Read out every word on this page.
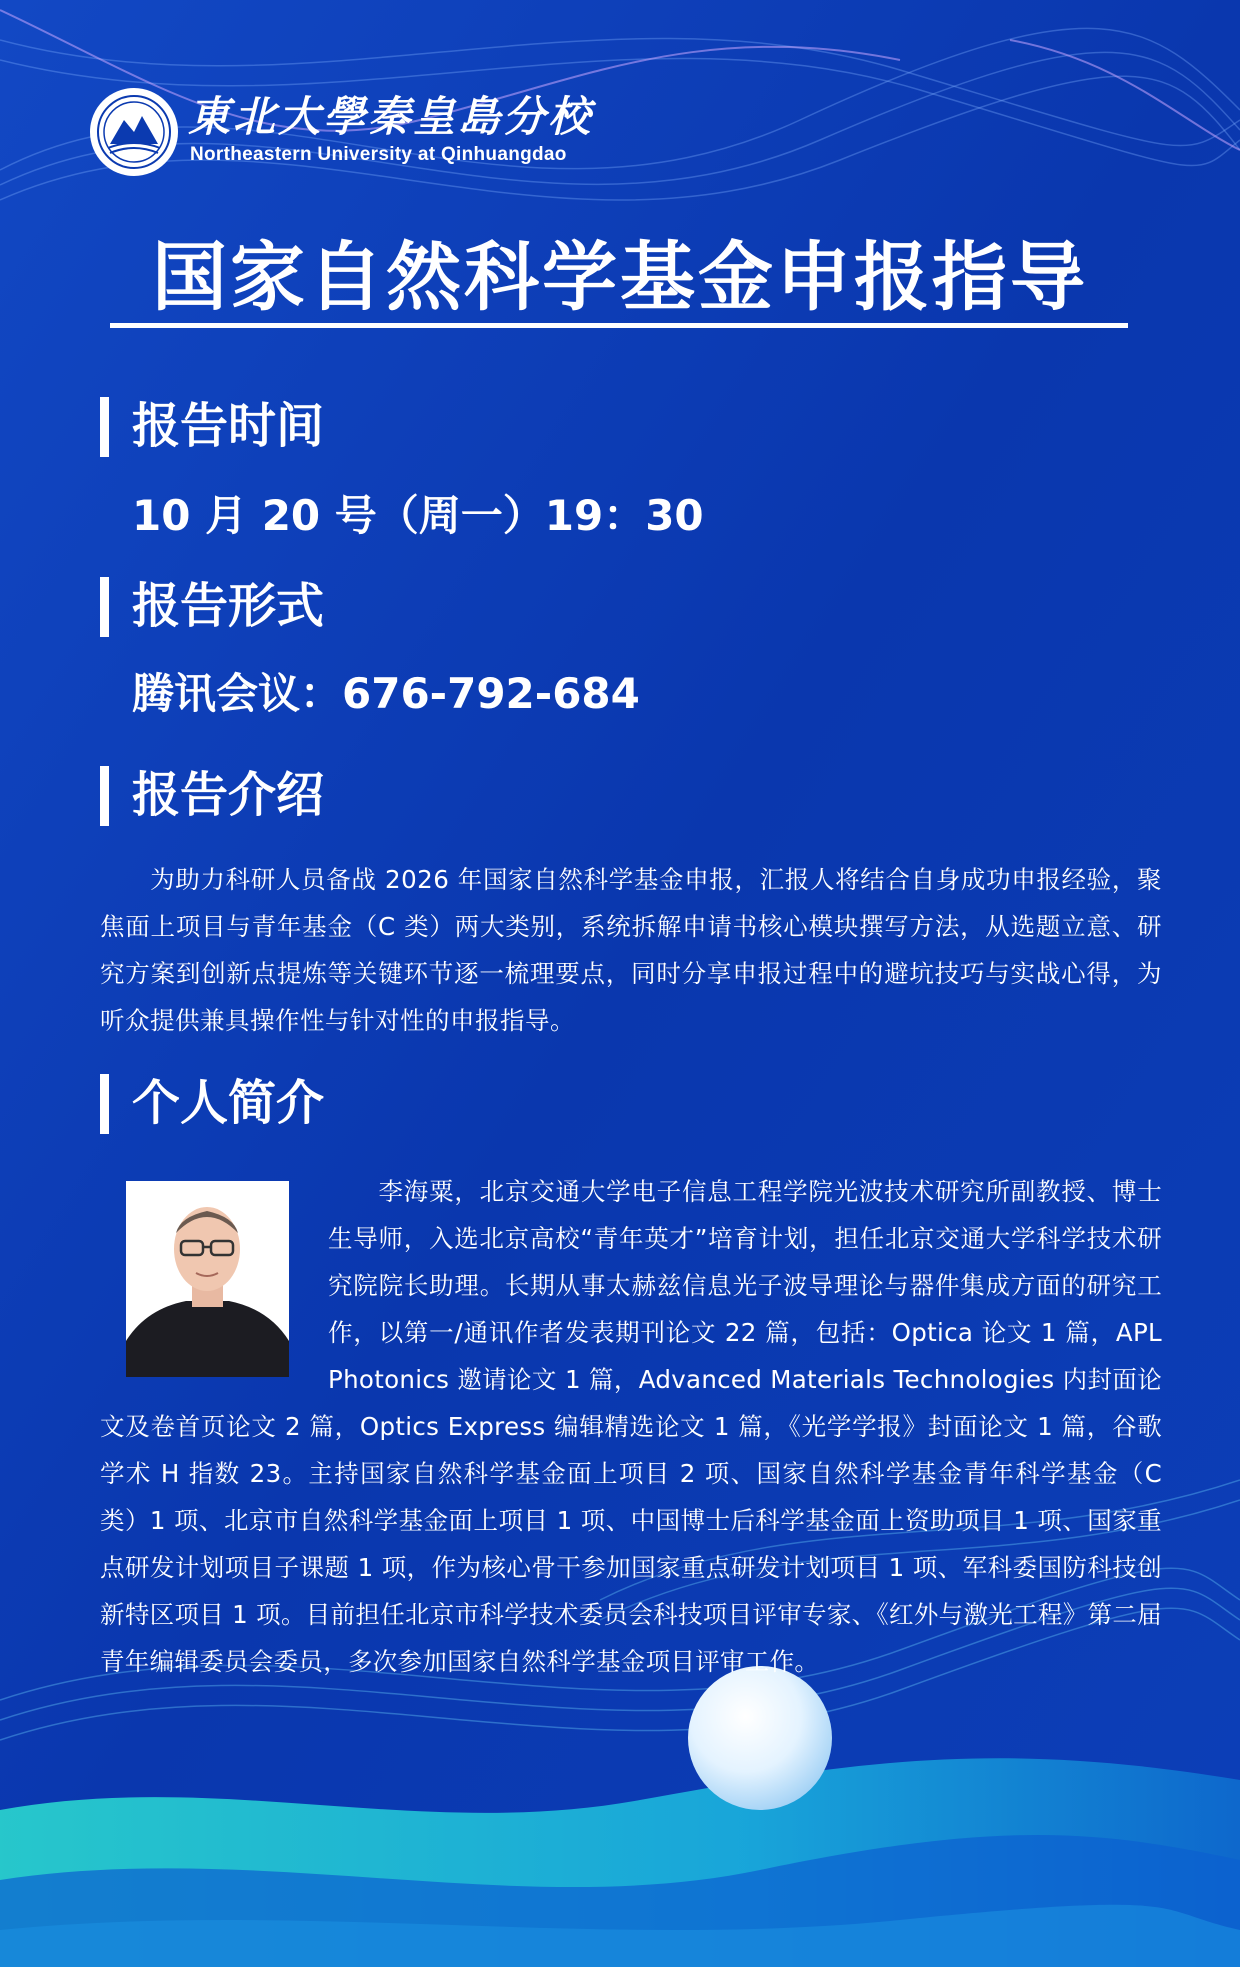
東北大學秦皇島分校
Northeastern University at Qinhuangdao
国家自然科学基金申报指导
报告时间
10 月 20 号（周一）19：30
报告形式
腾讯会议：676-792-684
报告介绍
为助力科研人员备战 2026 年国家自然科学基金申报，汇报人将结合自身成功申报经验，聚焦面上项目与青年基金（C 类）两大类别，系统拆解申请书核心模块撰写方法，从选题立意、研究方案到创新点提炼等关键环节逐一梳理要点，同时分享申报过程中的避坑技巧与实战心得，为听众提供兼具操作性与针对性的申报指导。
个人简介
李海粟，北京交通大学电子信息工程学院光波技术研究所副教授、博士生导师，入选北京高校“青年英才”培育计划，担任北京交通大学科学技术研究院院长助理。长期从事太赫兹信息光子波导理论与器件集成方面的研究工作，以第一/通讯作者发表期刊论文 22 篇，包括：Optica 论文 1 篇，APL Photonics 邀请论文 1 篇，Advanced Materials Technologies 内封面论文及卷首页论文 2 篇，Optics Express 编辑精选论文 1 篇，《光学学报》封面论文 1 篇，谷歌学术 H 指数 23。主持国家自然科学基金面上项目 2 项、国家自然科学基金青年科学基金（C 类）1 项、北京市自然科学基金面上项目 1 项、中国博士后科学基金面上资助项目 1 项、国家重点研发计划项目子课题 1 项，作为核心骨干参加国家重点研发计划项目 1 项、军科委国防科技创新特区项目 1 项。目前担任北京市科学技术委员会科技项目评审专家、《红外与激光工程》第二届青年编辑委员会委员，多次参加国家自然科学基金项目评审工作。
